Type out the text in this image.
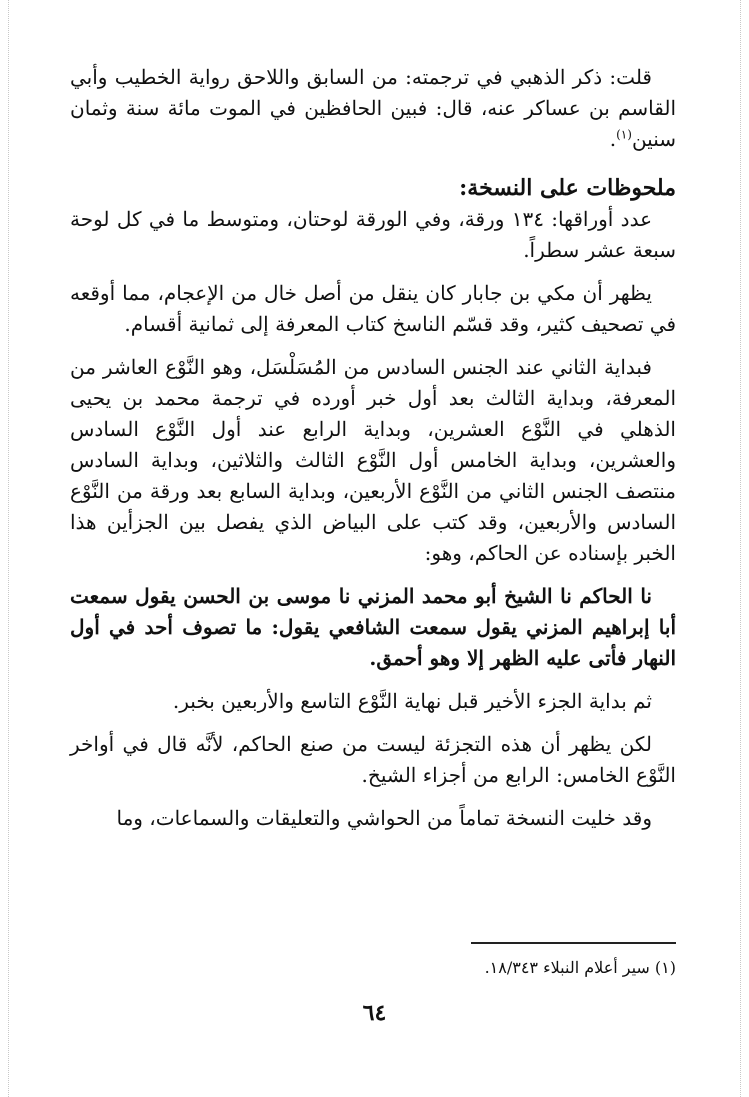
قلت: ذكر الذهبي في ترجمته: من السابق واللاحق رواية الخطيب وأبي القاسم بن عساكر عنه، قال: فبين الحافظين في الموت مائة سنة وثمان سنين$^{(١)}$.

ملحوظات على النسخة:

عدد أوراقها: ١٣٤ ورقة، وفي الورقة لوحتان، ومتوسط ما في كل لوحة سبعة عشر سطراً.

يظهر أن مكي بن جابار كان ينقل من أصل خال من الإعجام، مما أوقعه في تصحيف كثير، وقد قسّم الناسخ كتاب المعرفة إلى ثمانية أقسام.

فبداية الثاني عند الجنس السادس من المُسَلْسَل، وهو النَّوْع العاشر من المعرفة، وبداية الثالث بعد أول خبر أورده في ترجمة محمد بن يحيى الذهلي في النَّوْع العشرين، وبداية الرابع عند أول النَّوْع السادس والعشرين، وبداية الخامس أول النَّوْع الثالث والثلاثين، وبداية السادس منتصف الجنس الثاني من النَّوْع الأربعين، وبداية السابع بعد ورقة من النَّوْع السادس والأربعين، وقد كتب على البياض الذي يفصل بين الجزأين هذا الخبر بإسناده عن الحاكم، وهو:

نا الحاكم نا الشيخ أبو محمد المزني نا موسى بن الحسن يقول سمعت أبا إبراهيم المزني يقول سمعت الشافعي يقول: ما تصوف أحد في أول النهار فأتى عليه الظهر إلا وهو أحمق.

ثم بداية الجزء الأخير قبل نهاية النَّوْع التاسع والأربعين بخبر.

لكن يظهر أن هذه التجزئة ليست من صنع الحاكم، لأنَّه قال في أواخر النَّوْع الخامس: الرابع من أجزاء الشيخ.

وقد خليت النسخة تماماً من الحواشي والتعليقات والسماعات، وما

(١) سير أعلام النبلاء ١٨/٣٤٣.
٦٤
